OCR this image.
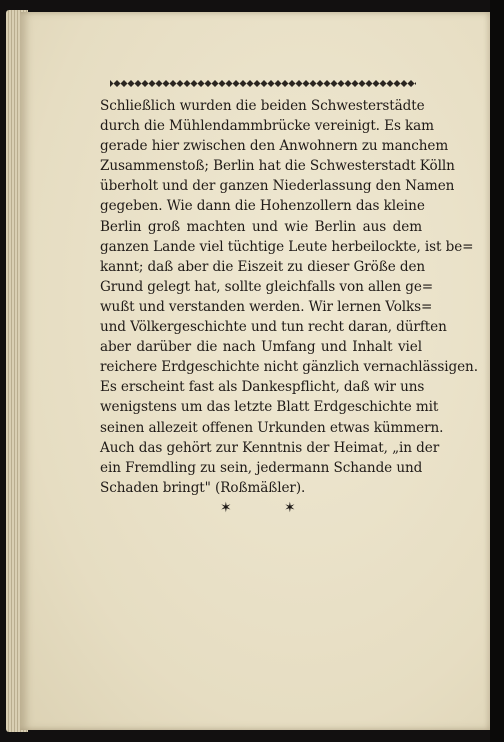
Schließlich wurden die beiden Schwesterstädte
durch die Mühlendammbrücke vereinigt. Es kam
gerade hier zwischen den Anwohnern zu manchem
Zusammenstoß; Berlin hat die Schwesterstadt Kölln
überholt und der ganzen Niederlassung den Namen
gegeben. Wie dann die Hohenzollern das kleine
Berlin groß machten und wie Berlin aus dem
ganzen Lande viel tüchtige Leute herbeilockte, ist be=
kannt; daß aber die Eiszeit zu dieser Größe den
Grund gelegt hat, sollte gleichfalls von allen ge=
wußt und verstanden werden. Wir lernen Volks=
und Völkergeschichte und tun recht daran, dürften
aber darüber die nach Umfang und Inhalt viel
reichere Erdgeschichte nicht gänzlich vernachlässigen.
Es erscheint fast als Dankespflicht, daß wir uns
wenigstens um das letzte Blatt Erdgeschichte mit
seinen allezeit offenen Urkunden etwas kümmern.
Auch das gehört zur Kenntnis der Heimat, „in der
ein Fremdling zu sein, jedermann Schande und
Schaden bringt" (Roßmäßler).
✶	✶
